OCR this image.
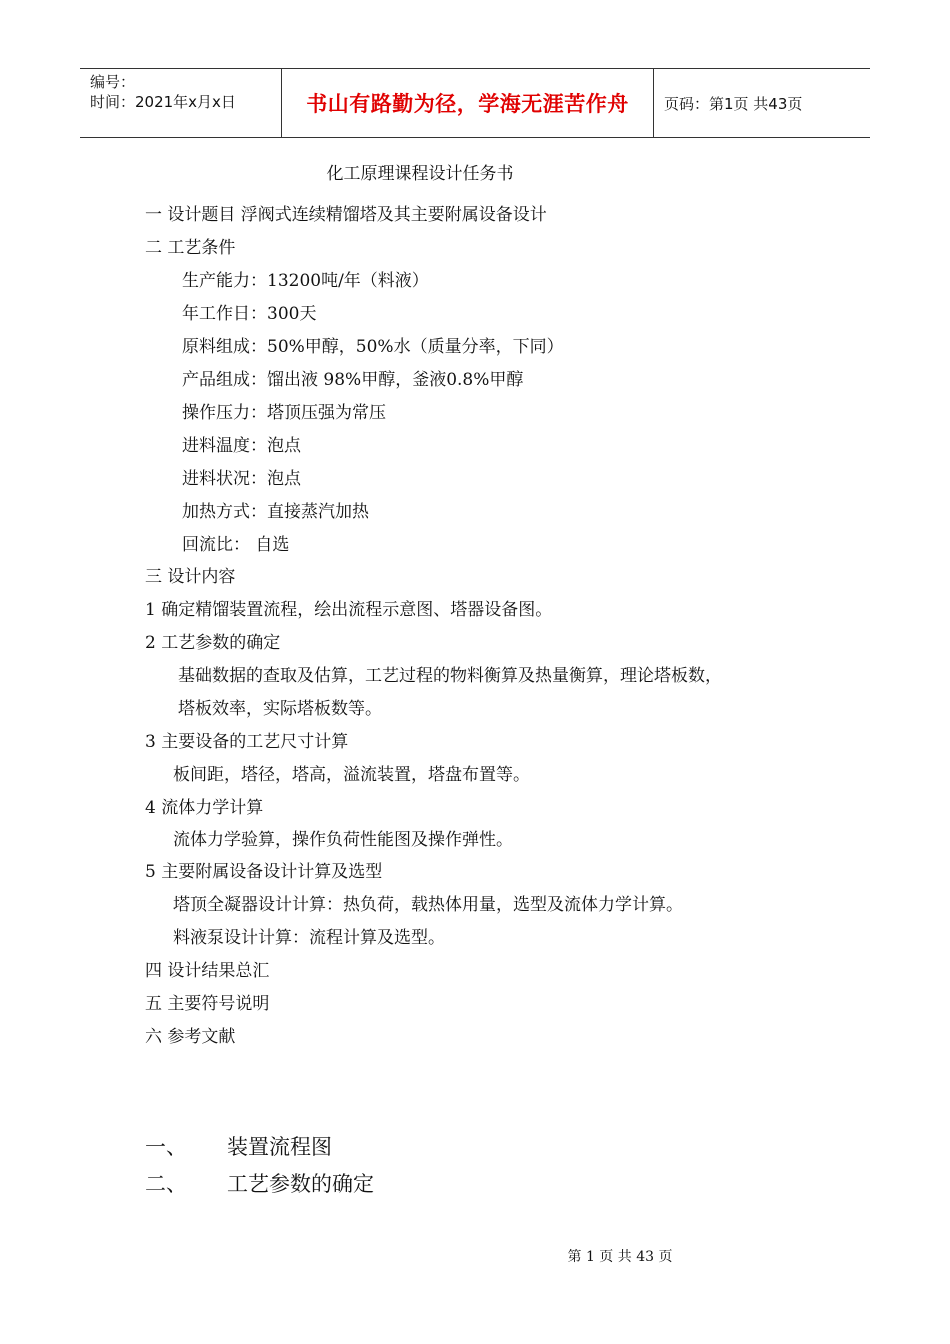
编号：
时间：2021年x月x日	书山有路勤为径，学海无涯苦作舟	页码：第1页 共43页
化工原理课程设计任务书
一 设计题目 浮阀式连续精馏塔及其主要附属设备设计
二 工艺条件
生产能力：13200吨/年（料液）
年工作日：300天
原料组成：50%甲醇，50%水（质量分率，下同）
产品组成：馏出液 98%甲醇，釜液0.8%甲醇
操作压力：塔顶压强为常压
进料温度：泡点
进料状况：泡点
加热方式：直接蒸汽加热
回流比： 自选
三 设计内容
1 确定精馏装置流程，绘出流程示意图、塔器设备图。
2 工艺参数的确定
基础数据的查取及估算，工艺过程的物料衡算及热量衡算，理论塔板数，
塔板效率，实际塔板数等。
3 主要设备的工艺尺寸计算
板间距，塔径，塔高，溢流装置，塔盘布置等。
4 流体力学计算
流体力学验算，操作负荷性能图及操作弹性。
5 主要附属设备设计计算及选型
塔顶全凝器设计计算：热负荷，载热体用量，选型及流体力学计算。
料液泵设计计算：流程计算及选型。
四 设计结果总汇
五 主要符号说明
六 参考文献
一、      装置流程图
二、      工艺参数的确定
第 1 页 共 43 页
